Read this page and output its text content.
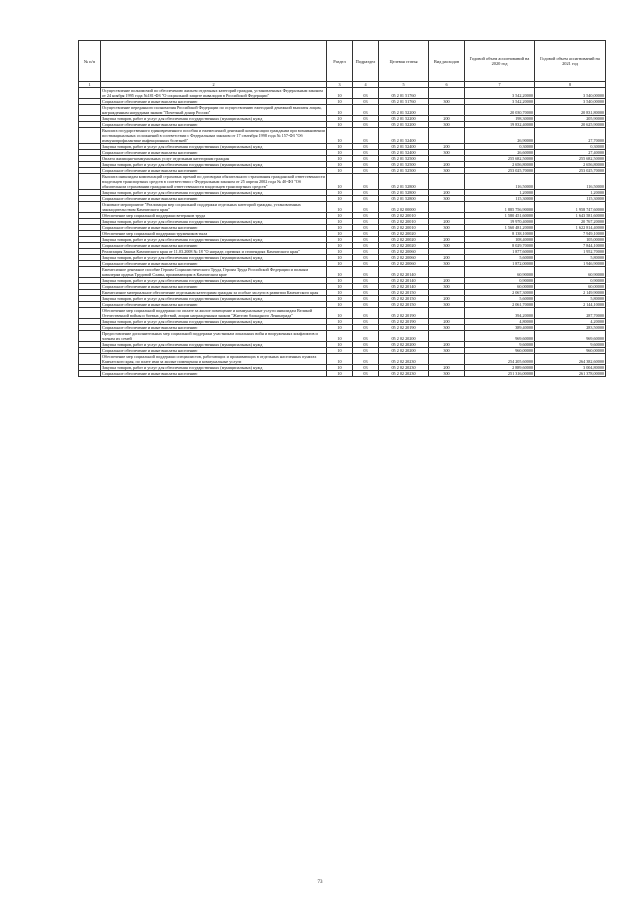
№ п/п		Раздел	Подраздел	Целевая статья	Вид расходов	Годовой объем ассигнований на 2020 год	Годовой объем ассигнований на 2021 год
1	2	3	4	5	6	7	8
	Осуществление полномочий по обеспечению жильем отдельных категорий граждан, установленных Федеральным законом от 24 ноября 1995 года №181-ФЗ "О социальной защите инвалидов в Российской Федерации"	10	03	05 2 01 51760		3 542,20000	3 540,00000
	Социальное обеспечение и иные выплаты населению	10	03	05 2 01 51760	300	3 542,20000	3 540,00000
	Осуществление переданного полномочия Российской Федерации по осуществлению ежегодной денежной выплаты лицам, награжденным нагрудным знаком "Почетный донор России"	10	03	05 2 01 52200		20 030,70000	20 831,80000
	Закупка товаров, работ и услуг для обеспечения государственных (муниципальных) нужд	10	03	05 2 01 52200	200	198,30000	205,90000
	Социальное обеспечение и иные выплаты населению	10	03	05 2 01 52200	300	19 832,40000	20 625,90000
	Выплата государственного единовременного пособия и ежемесячной денежной компенсации гражданам при возникновении поствакцинальных осложнений в соответствии с Федеральным законом от 17 сентября 1998 года № 157-ФЗ "Об иммунопрофилактике инфекционных болезней"	10	03	05 2 01 52400		26,90000	27,70000
	Закупка товаров, работ и услуг для обеспечения государственных (муниципальных) нужд	10	03	05 2 01 52400	200	0,30000	0,30000
	Социальное обеспечение и иные выплаты населению	10	03	05 2 01 52400	300	26,60000	27,40000
	Оплата жилищно-коммунальных услуг отдельным категориям граждан	10	03	05 2 01 52500		255 682,50000	255 682,50000
	Закупка товаров, работ и услуг для обеспечения государственных (муниципальных) нужд	10	03	05 2 01 52500	200	2 656,80000	2 656,80000
	Социальное обеспечение и иные выплаты населению	10	03	05 2 01 52500	300	253 025,70000	253 025,70000
	Выплата инвалидам компенсаций страховых премий по договорам обязательного страхования гражданской ответственности владельцев транспортных средств в соответствии с Федеральным законом от 25 апреля 2002 года № 40-ФЗ "Об обязательном страховании гражданской ответственности владельцев транспортных средств"	10	03	05 2 01 52800		116,50000	116,50000
	Закупка товаров, работ и услуг для обеспечения государственных (муниципальных) нужд	10	03	05 2 01 52800	200	1,20000	1,20000
	Социальное обеспечение и иные выплаты населению	10	03	05 2 01 52800	300	115,30000	115,30000
	Основное мероприятие "Реализация мер социальной поддержки отдельных категорий граждан, установленных законодательством Камчатского края"	10	03	05 2 02 00000		1 885 756,90000	1 958 747,60000
	Обеспечение мер социальной поддержки ветеранов труда	10	03	05 2 02 20010		1 580 451,60000	1 643 581,60000
	Закупка товаров, работ и услуг для обеспечения государственных (муниципальных) нужд	10	03	05 2 02 20010	200	19 970,40000	20 767,20000
	Социальное обеспечение и иные выплаты населению	10	03	05 2 02 20010	300	1 560 481,20000	1 622 814,40000
	Обеспечение мер социальной поддержки тружеников тыла	10	03	05 2 02 20020		8 138,10000	7 949,10000
	Закупка товаров, работ и услуг для обеспечения государственных (муниципальных) нужд	10	03	05 2 02 20020	200	108,40000	105,00000
	Социальное обеспечение и иные выплаты населению	10	03	05 2 02 20020	300	8 029,70000	7 844,10000
	Реализация Закона Камчатского края от 11.03.2008 № 18 "О награде, премиях и стипендиях Камчатского края"	10	03	05 2 02 20060		1 877,60000	1 952,70000
	Закупка товаров, работ и услуг для обеспечения государственных (муниципальных) нужд	10	03	05 2 02 20060	200	5,60000	5,80000
	Социальное обеспечение и иные выплаты населению	10	03	05 2 02 20060	300	1 872,00000	1 946,90000
	Ежемесячное денежное пособие Героям Социалистического Труда, Героям Труда Российской Федерации и полным кавалерам ордена Трудовой Славы, проживающим в Камчатском крае	10	03	05 2 02 20140		60,90000	60,90000
	Закупка товаров, работ и услуг для обеспечения государственных (муниципальных) нужд	10	03	05 2 02 20140	200	0,90000	0,90000
	Социальное обеспечение и иные выплаты населению	10	03	05 2 02 20140	300	60,00000	60,00000
	Ежемесячное материальное обеспечение отдельным категориям граждан за особые заслуги в развитии Камчатского края	10	03	05 2 02 20150		2 067,30000	2 149,90000
	Закупка товаров, работ и услуг для обеспечения государственных (муниципальных) нужд	10	03	05 2 02 20150	200	5,60000	5,80000
	Социальное обеспечение и иные выплаты населению	10	03	05 2 02 20150	300	2 061,70000	2 144,10000
	Обеспечение мер социальной поддержки по оплате за жилое помещение и коммунальные услуги инвалидам Великой Отечественной войны и боевых действий, лицам награжденным знаком "Жителю блокадного Ленинграда"	10	03	05 2 02 20190		394,20000	287,70000
	Закупка товаров, работ и услуг для обеспечения государственных (муниципальных) нужд	10	03	05 2 02 20190	200	4,80000	4,20000
	Социальное обеспечение и иные выплаты населению	10	03	05 2 02 20190	300	389,40000	283,50000
	Предоставление дополнительных мер социальной поддержки участникам локальных войн и вооруженных конфликтов и членам их семей	10	03	05 2 02 20200		969,60000	969,60000
	Закупка товаров, работ и услуг для обеспечения государственных (муниципальных) нужд	10	03	05 2 02 20200	200	9,60000	9,60000
	Социальное обеспечение и иные выплаты населению	10	03	05 2 02 20200	300	960,00000	960,00000
	Обеспечение мер социальной поддержки специалистов, работающих и проживающих в отдельных населенных пунктах Камчатского края, по плате ими за жилые помещения и коммунальные услуги	10	03	05 2 02 20230		254 205,60000	264 382,60000
	Закупка товаров, работ и услуг для обеспечения государственных (муниципальных) нужд	10	03	05 2 02 20230	200	2 889,60000	3 004,80000
	Социальное обеспечение и иные выплаты населению	10	03	05 2 02 20230	300	251 316,00000	261 378,00000
73
